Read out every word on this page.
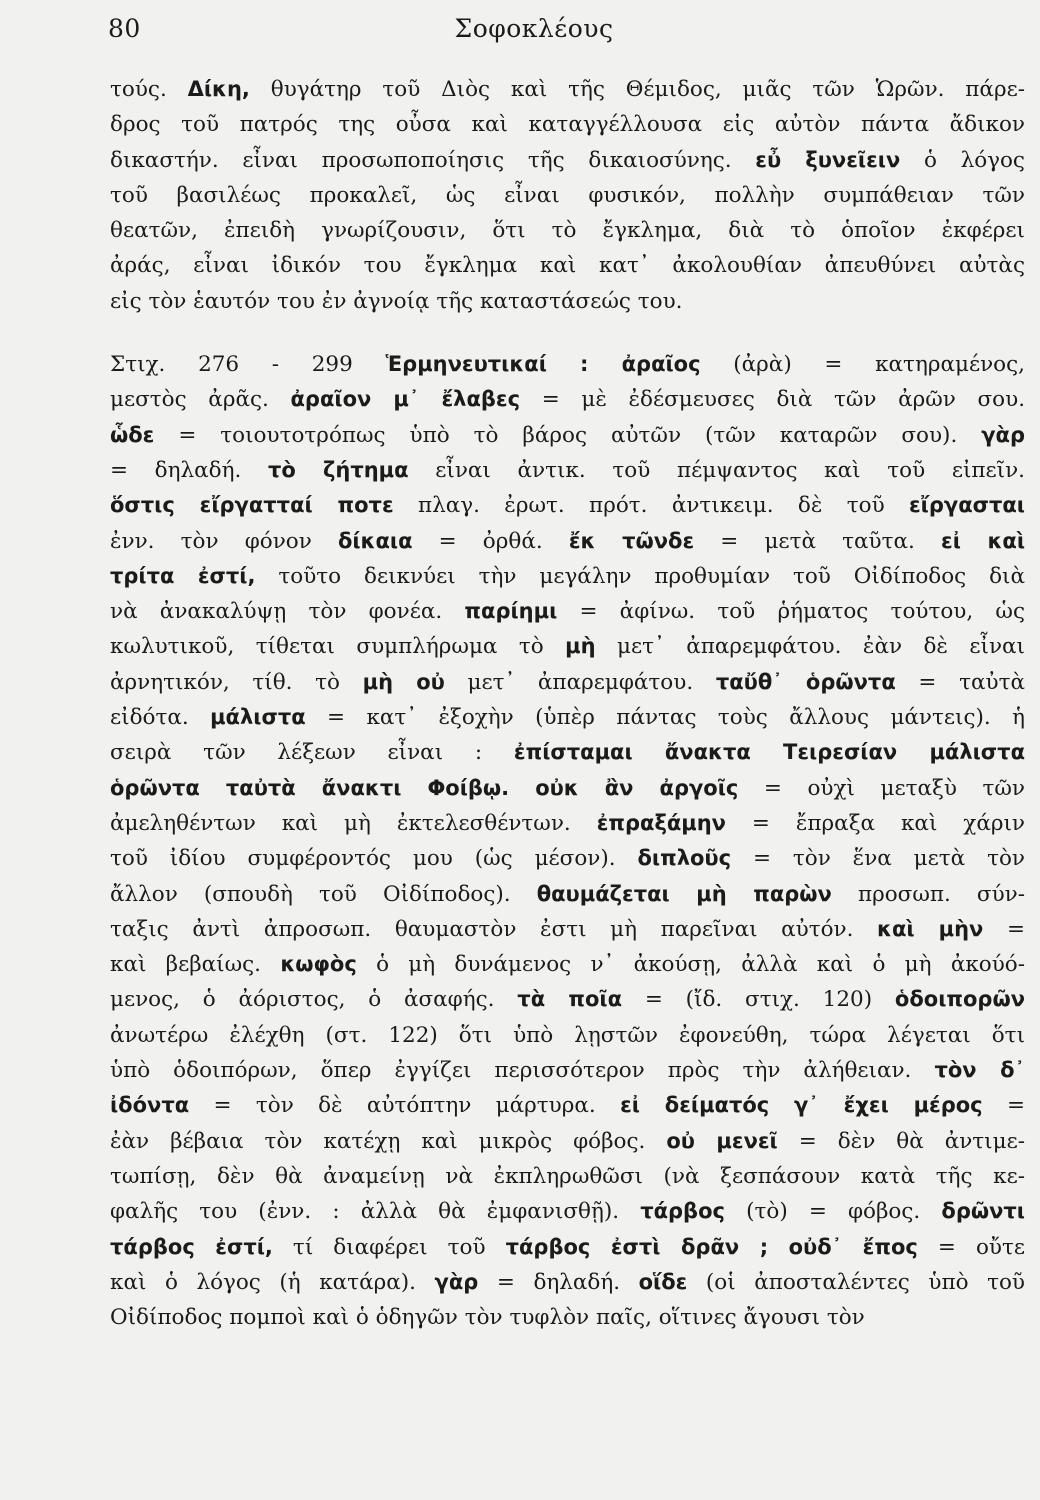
80	Σοφοκλέους
τούς. Δίκη, θυγάτηρ τοῦ Διὸς καὶ τῆς Θέμιδος, μιᾶς τῶν Ὡρῶν. πάρε-
δρος τοῦ πατρός της οὖσα καὶ καταγγέλλουσα εἰς αὐτὸν πάντα ἄδικον
δικαστήν. εἶναι προσωποποίησις τῆς δικαιοσύνης. εὖ ξυνεῖειν ὁ λόγος
τοῦ βασιλέως προκαλεῖ, ὡς εἶναι φυσικόν, πολλὴν συμπάθειαν τῶν
θεατῶν, ἐπειδὴ γνωρίζουσιν, ὅτι τὸ ἔγκλημα, διὰ τὸ ὁποῖον ἐκφέρει
ἀράς, εἶναι ἰδικόν του ἔγκλημα καὶ κατ᾽ ἀκολουθίαν ἀπευθύνει αὐτὰς
εἰς τὸν ἑαυτόν του ἐν ἀγνοίᾳ τῆς καταστάσεώς του.
Στιχ. 276 - 299 Ἑρμηνευτικαί : ἀραῖος (ἀρὰ) = κατηραμένος,
μεστὸς ἀρᾶς. ἀραῖον μ᾽ ἔλαβες = μὲ ἐδέσμευσες διὰ τῶν ἀρῶν σου.
ὧδε = τοιουτοτρόπως ὑπὸ τὸ βάρος αὐτῶν (τῶν καταρῶν σου). γὰρ
= δηλαδή. τὸ ζήτημα εἶναι ἀντικ. τοῦ πέμψαντος καὶ τοῦ εἰπεῖν.
ὅστις εἴργατταί ποτε πλαγ. ἐρωτ. πρότ. ἀντικειμ. δὲ τοῦ εἴργασται
ἐνν. τὸν φόνον δίκαια = ὀρθά. ἔκ τῶνδε = μετὰ ταῦτα. εἰ καὶ
τρίτα ἐστί, τοῦτο δεικνύει τὴν μεγάλην προθυμίαν τοῦ Οἰδίποδος διὰ
νὰ ἀνακαλύψῃ τὸν φονέα. παρίημι = ἀφίνω. τοῦ ῥήματος τούτου, ὡς
κωλυτικοῦ, τίθεται συμπλήρωμα τὸ μὴ μετ᾽ ἀπαρεμφάτου. ἐὰν δὲ εἶναι
ἀρνητικόν, τίθ. τὸ μὴ οὐ μετ᾽ ἀπαρεμφάτου. ταὔθ᾽ ὁρῶντα = ταὐτὰ
εἰδότα. μάλιστα = κατ᾽ ἐξοχὴν (ὑπὲρ πάντας τοὺς ἄλλους μάντεις). ἡ
σειρὰ τῶν λέξεων εἶναι : ἐπίσταμαι ἄνακτα Τειρεσίαν μάλιστα
ὁρῶντα ταὐτὰ ἄνακτι Φοίβῳ. οὐκ ἂν ἀργοῖς = οὐχὶ μεταξὺ τῶν
ἀμεληθέντων καὶ μὴ ἐκτελεσθέντων. ἐπραξάμην = ἔπραξα καὶ χάριν
τοῦ ἰδίου συμφέροντός μου (ὡς μέσον). διπλοῦς = τὸν ἕνα μετὰ τὸν
ἄλλον (σπουδὴ τοῦ Οἰδίποδος). θαυμάζεται μὴ παρὼν προσωπ. σύν-
ταξις ἀντὶ ἀπροσωπ. θαυμαστὸν ἐστι μὴ παρεῖναι αὐτόν. καὶ μὴν =
καὶ βεβαίως. κωφὸς ὁ μὴ δυνάμενος ν᾽ ἀκούσῃ, ἀλλὰ καὶ ὁ μὴ ἀκούό-
μενος, ὁ ἀόριστος, ὁ ἀσαφής. τὰ ποῖα = (ἴδ. στιχ. 120) ὁδοιπορῶν
ἀνωτέρω ἐλέχθη (στ. 122) ὅτι ὑπὸ λῃστῶν ἐφονεύθη, τώρα λέγεται ὅτι
ὑπὸ ὁδοιπόρων, ὅπερ ἐγγίζει περισσότερον πρὸς τὴν ἀλήθειαν. τὸν δ᾽
ἰδόντα = τὸν δὲ αὐτόπτην μάρτυρα. εἰ δείματός γ᾽ ἔχει μέρος =
ἐὰν βέβαια τὸν κατέχῃ καὶ μικρὸς φόβος. οὐ μενεῖ = δὲν θὰ ἀντιμε-
τωπίσῃ, δὲν θὰ ἀναμείνῃ νὰ ἐκπληρωθῶσι (νὰ ξεσπάσουν κατὰ τῆς κε-
φαλῆς του (ἐνν. : ἀλλὰ θὰ ἐμφανισθῇ). τάρβος (τὸ) = φόβος. δρῶντι
τάρβος ἐστί, τί διαφέρει τοῦ τάρβος ἐστὶ δρᾶν ; οὐδ᾽ ἔπος = οὔτε
καὶ ὁ λόγος (ἡ κατάρα). γὰρ = δηλαδή. οἵδε (οἱ ἀποσταλέντες ὑπὸ τοῦ
Οἰδίποδος πομποὶ καὶ ὁ ὁδηγῶν τὸν τυφλὸν παῖς, οἵτινες ἄγουσι τὸν
